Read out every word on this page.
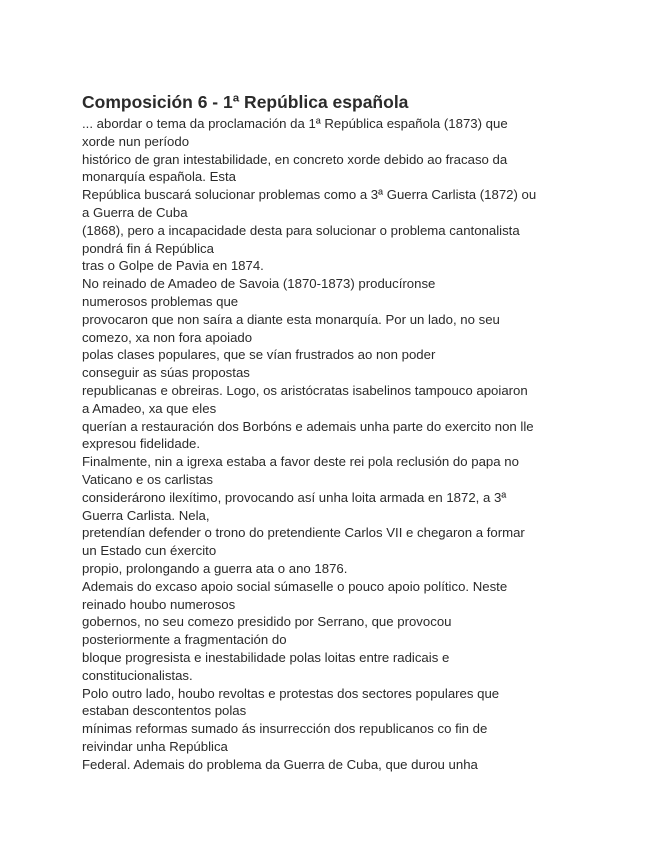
Composición 6 - 1ª República española
... abordar o tema da proclamación da 1ª República española (1873) que
xorde nun período
histórico de gran intestabilidade, en concreto xorde debido ao fracaso da
monarquía española. Esta
República buscará solucionar problemas como a 3ª Guerra Carlista (1872) ou
a Guerra de Cuba
(1868), pero a incapacidade desta para solucionar o problema cantonalista
pondrá fin á República
tras o Golpe de Pavia en 1874.
No reinado de Amadeo de Savoia (1870-1873) producíronse
numerosos problemas que
provocaron que non saíra a diante esta monarquía. Por un lado, no seu
comezo, xa non fora apoiado
polas clases populares, que se vían frustrados ao non poder
conseguir as súas propostas
republicanas e obreiras. Logo, os aristócratas isabelinos tampouco apoiaron
a Amadeo, xa que eles
querían a restauración dos Borbóns e ademais unha parte do exercito non lle
expresou fidelidade.
Finalmente, nin a igrexa estaba a favor deste rei pola reclusión do papa no
Vaticano e os carlistas
considerárono ilexítimo, provocando así unha loita armada en 1872, a 3ª
Guerra Carlista. Nela,
pretendían defender o trono do pretendiente Carlos VII e chegaron a formar
un Estado cun éxercito
propio, prolongando a guerra ata o ano 1876.
Ademais do excaso apoio social súmaselle o pouco apoio político. Neste
reinado houbo numerosos
gobernos, no seu comezo presidido por Serrano, que provocou
posteriormente a fragmentación do
bloque progresista e inestabilidade polas loitas entre radicais e
constitucionalistas.
Polo outro lado, houbo revoltas e protestas dos sectores populares que
estaban descontentos polas
mínimas reformas sumado ás insurrección dos republicanos co fin de
reivindar unha República
Federal. Ademais do problema da Guerra de Cuba, que durou unha
